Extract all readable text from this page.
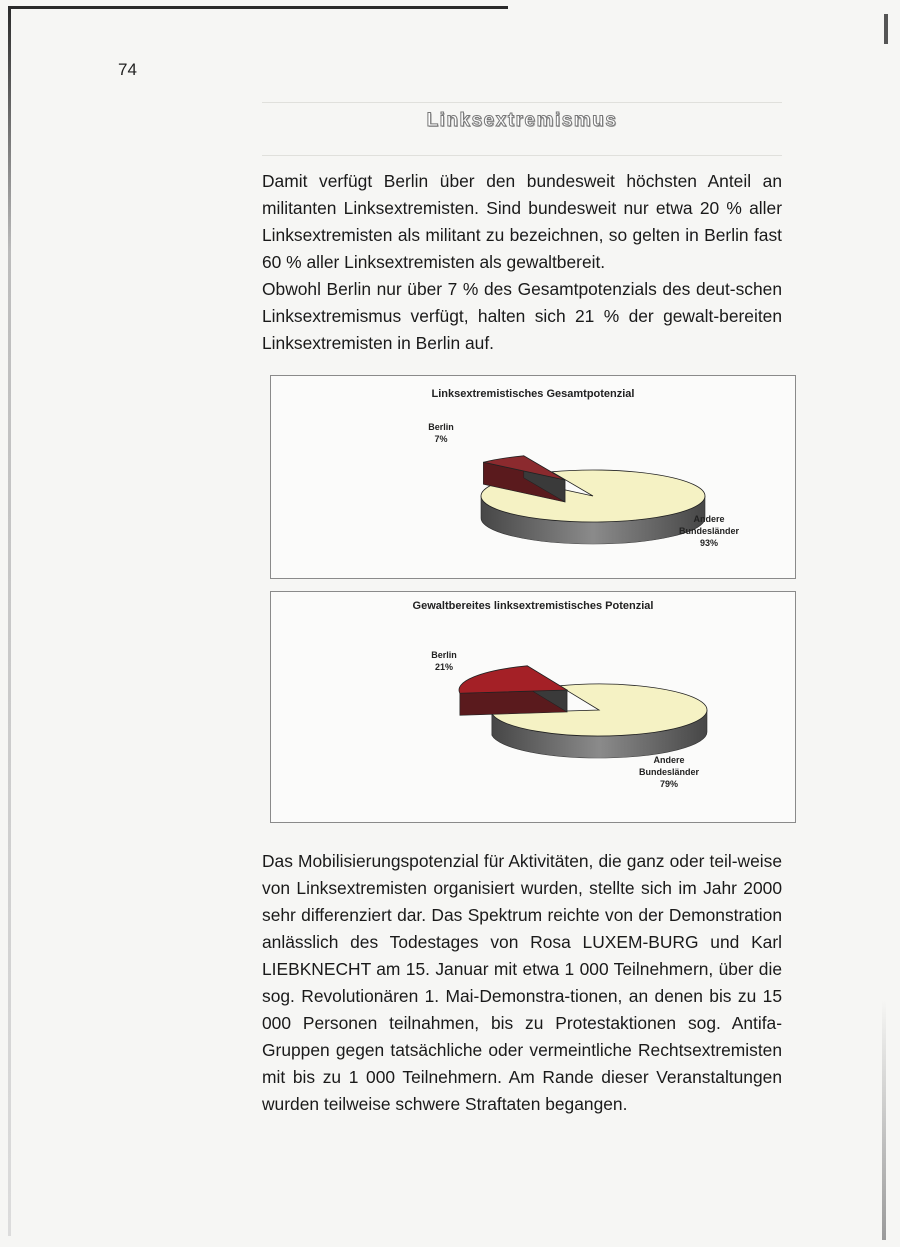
74
Linksextremismus

Damit verfügt Berlin über den bundesweit höchsten Anteil an militanten Linksextremisten. Sind bundesweit nur etwa 20 % aller Linksextremisten als militant zu bezeichnen, so gelten in Berlin fast 60 % aller Linksextremisten als gewaltbereit.

Obwohl Berlin nur über 7 % des Gesamtpotenzials des deut-schen Linksextremismus verfügt, halten sich 21 % der gewalt-bereiten Linksextremisten in Berlin auf.

Linksextremistisches Gesamtpotenzial
Berlin
7%
Andere
Bundesländer
93%
Gewaltbereites linksextremistisches Potenzial
Berlin
21%
Andere
Bundesländer
79%

Das Mobilisierungspotenzial für Aktivitäten, die ganz oder teil-weise von Linksextremisten organisiert wurden, stellte sich im Jahr 2000 sehr differenziert dar. Das Spektrum reichte von der Demonstration anlässlich des Todestages von Rosa LUXEM-BURG und Karl LIEBKNECHT am 15. Januar mit etwa 1 000 Teilnehmern, über die sog. Revolutionären 1. Mai-Demonstra-tionen, an denen bis zu 15 000 Personen teilnahmen, bis zu Protestaktionen sog. Antifa-Gruppen gegen tatsächliche oder vermeintliche Rechtsextremisten mit bis zu 1 000 Teilnehmern. Am Rande dieser Veranstaltungen wurden teilweise schwere Straftaten begangen.
